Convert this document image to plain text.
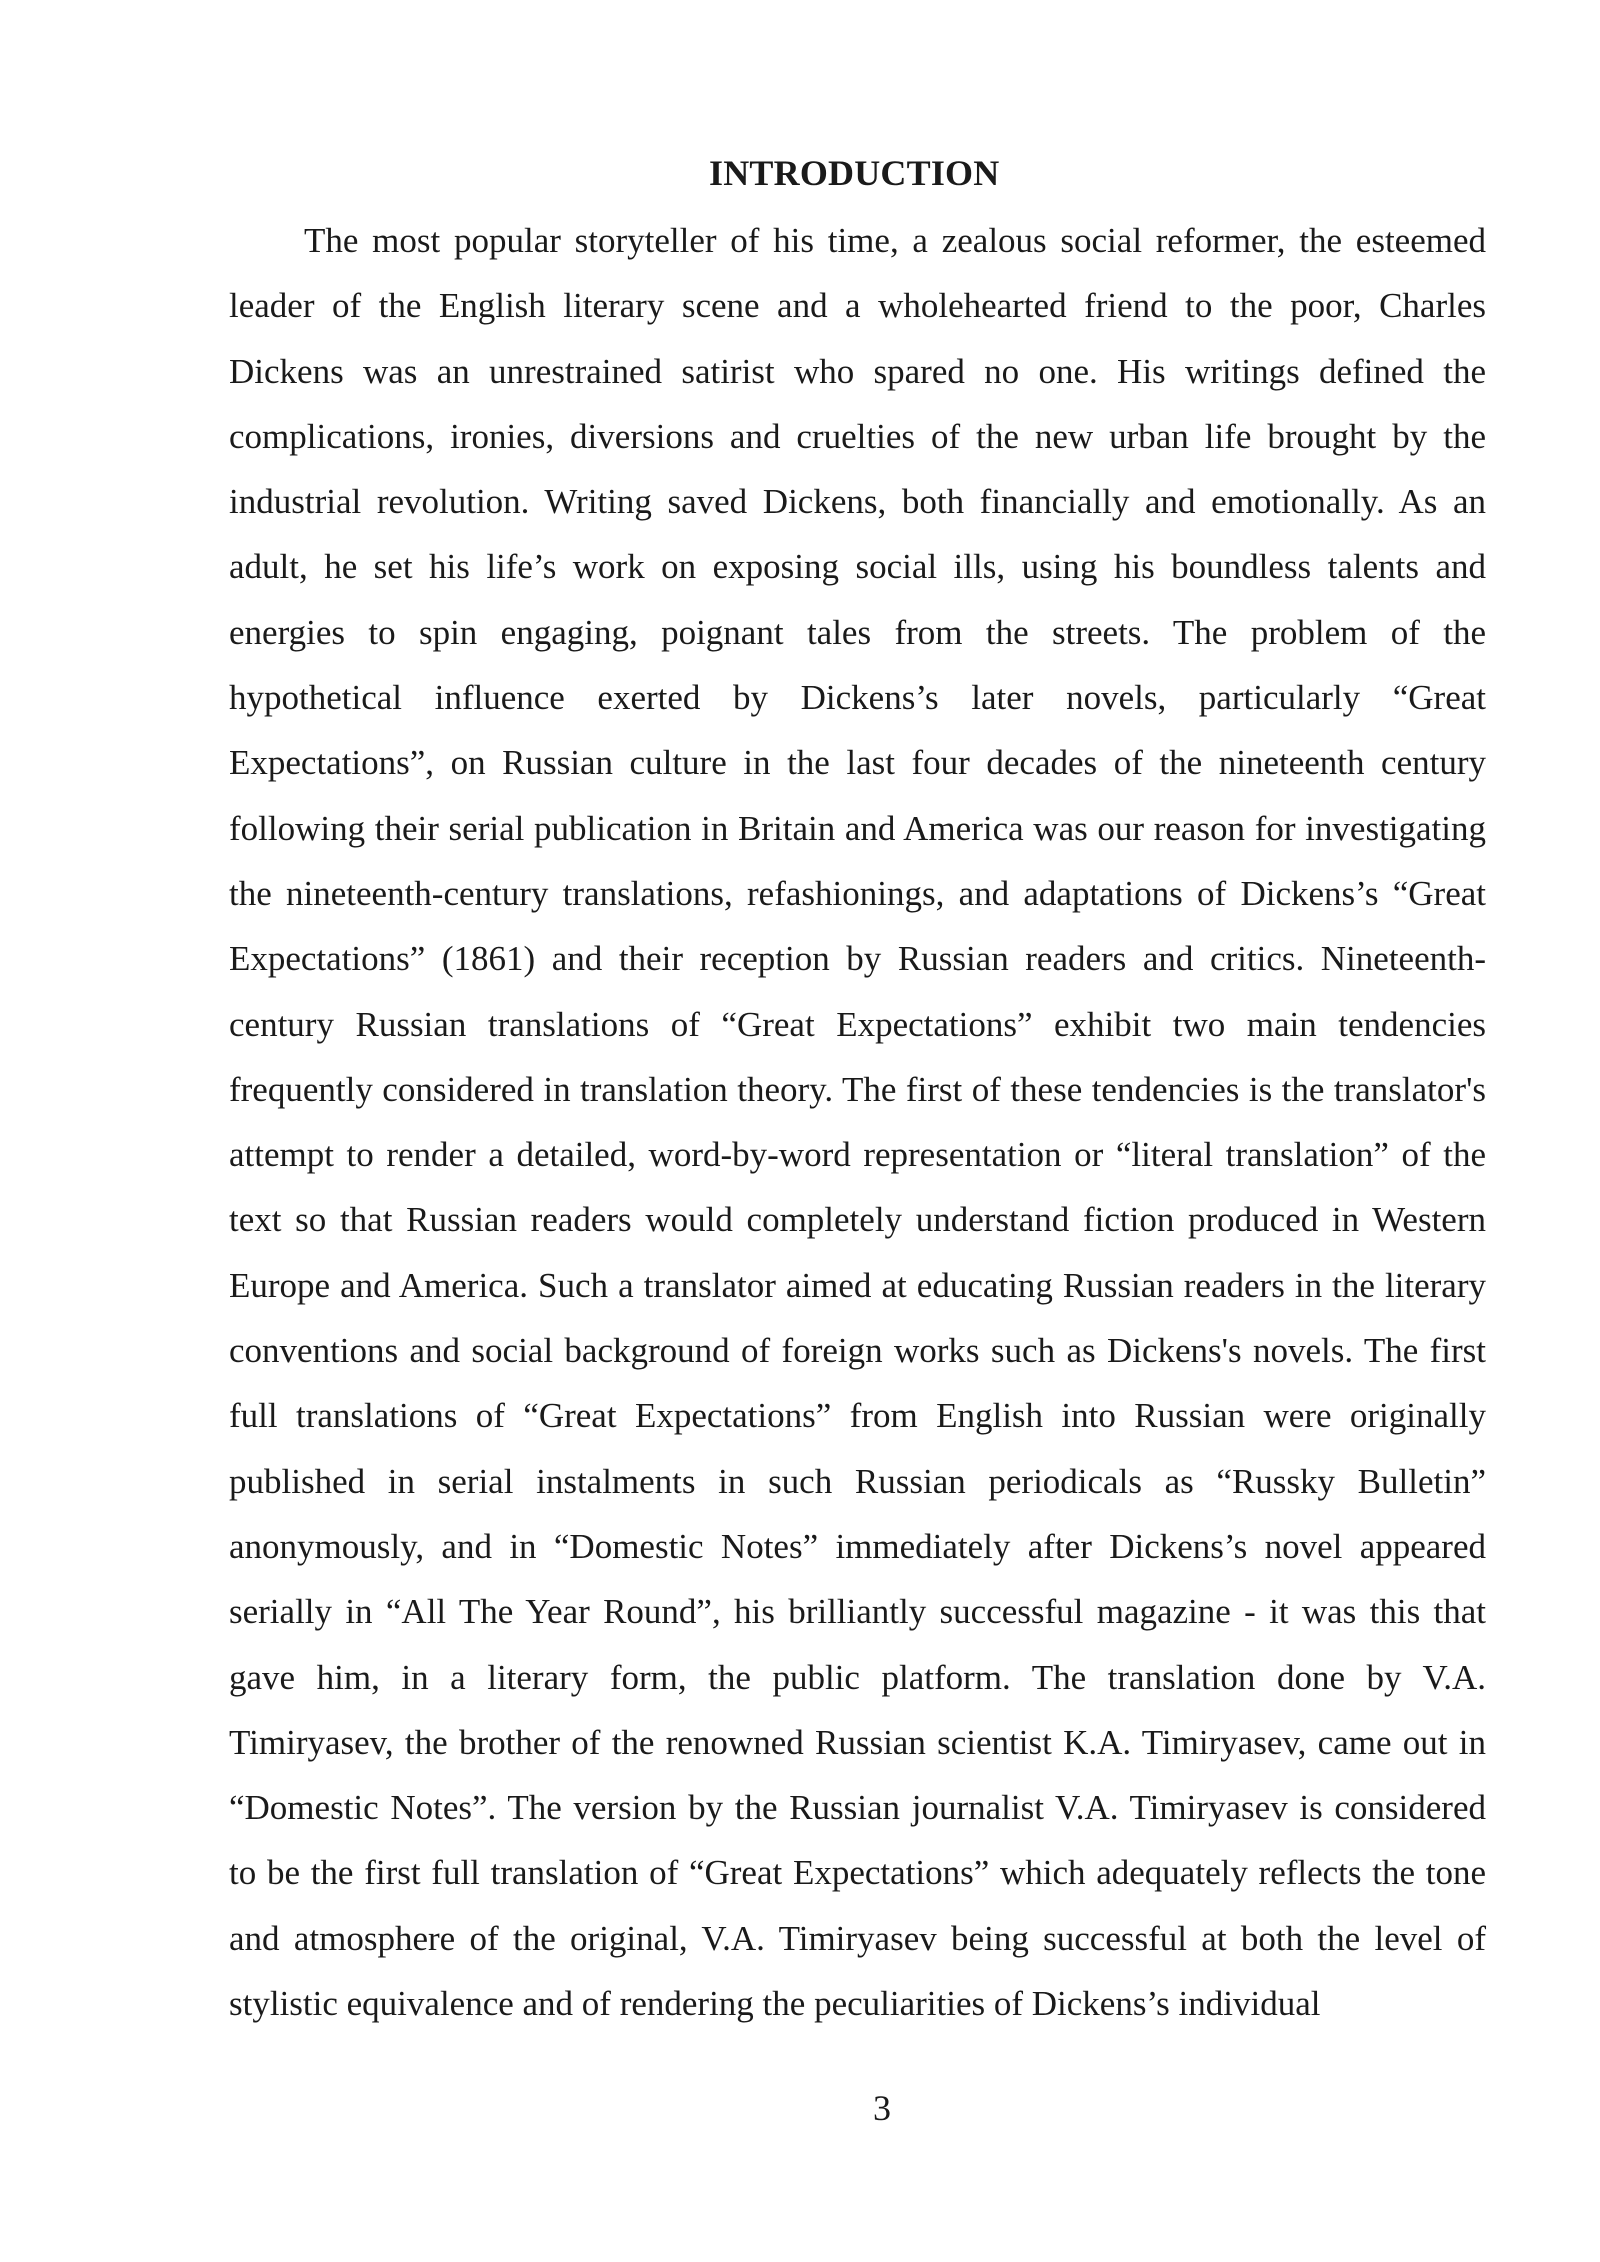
INTRODUCTION

The most popular storyteller of his time, a zealous social reformer, the esteemed leader of the English literary scene and a wholehearted friend to the poor, Charles Dickens was an unrestrained satirist who spared no one. His writings defined the complications, ironies, diversions and cruelties of the new urban life brought by the industrial revolution. Writing saved Dickens, both financially and emotionally. As an adult, he set his life’s work on exposing social ills, using his boundless talents and energies to spin engaging, poignant tales from the streets. The problem of the hypothetical influence exerted by Dickens’s later novels, particularly “Great Expectations”, on Russian culture in the last four decades of the nineteenth century following their serial publication in Britain and America was our reason for investigating the nineteenth-century translations, refashionings, and adaptations of Dickens’s “Great Expectations” (1861) and their reception by Russian readers and critics. Nineteenth-century Russian translations of “Great Expectations” exhibit two main tendencies frequently considered in translation theory. The first of these tendencies is the translator's attempt to render a detailed, word-by-word representation or “literal translation” of the text so that Russian readers would completely understand fiction produced in Western Europe and America. Such a translator aimed at educating Russian readers in the literary conventions and social background of foreign works such as Dickens's novels. The first full translations of “Great Expectations” from English into Russian were originally published in serial instalments in such Russian periodicals as “Russky Bulletin” anonymously, and in “Domestic Notes” immediately after Dickens’s novel appeared serially in “All The Year Round”, his brilliantly successful magazine - it was this that gave him, in a literary form, the public platform. The translation done by V.A. Timiryasev, the brother of the renowned Russian scientist K.A. Timiryasev, came out in “Domestic Notes”. The version by the Russian journalist V.A. Timiryasev is considered to be the first full translation of “Great Expectations” which adequately reflects the tone and atmosphere of the original, V.A. Timiryasev being successful at both the level of stylistic equivalence and of rendering the peculiarities of Dickens’s individual

3
